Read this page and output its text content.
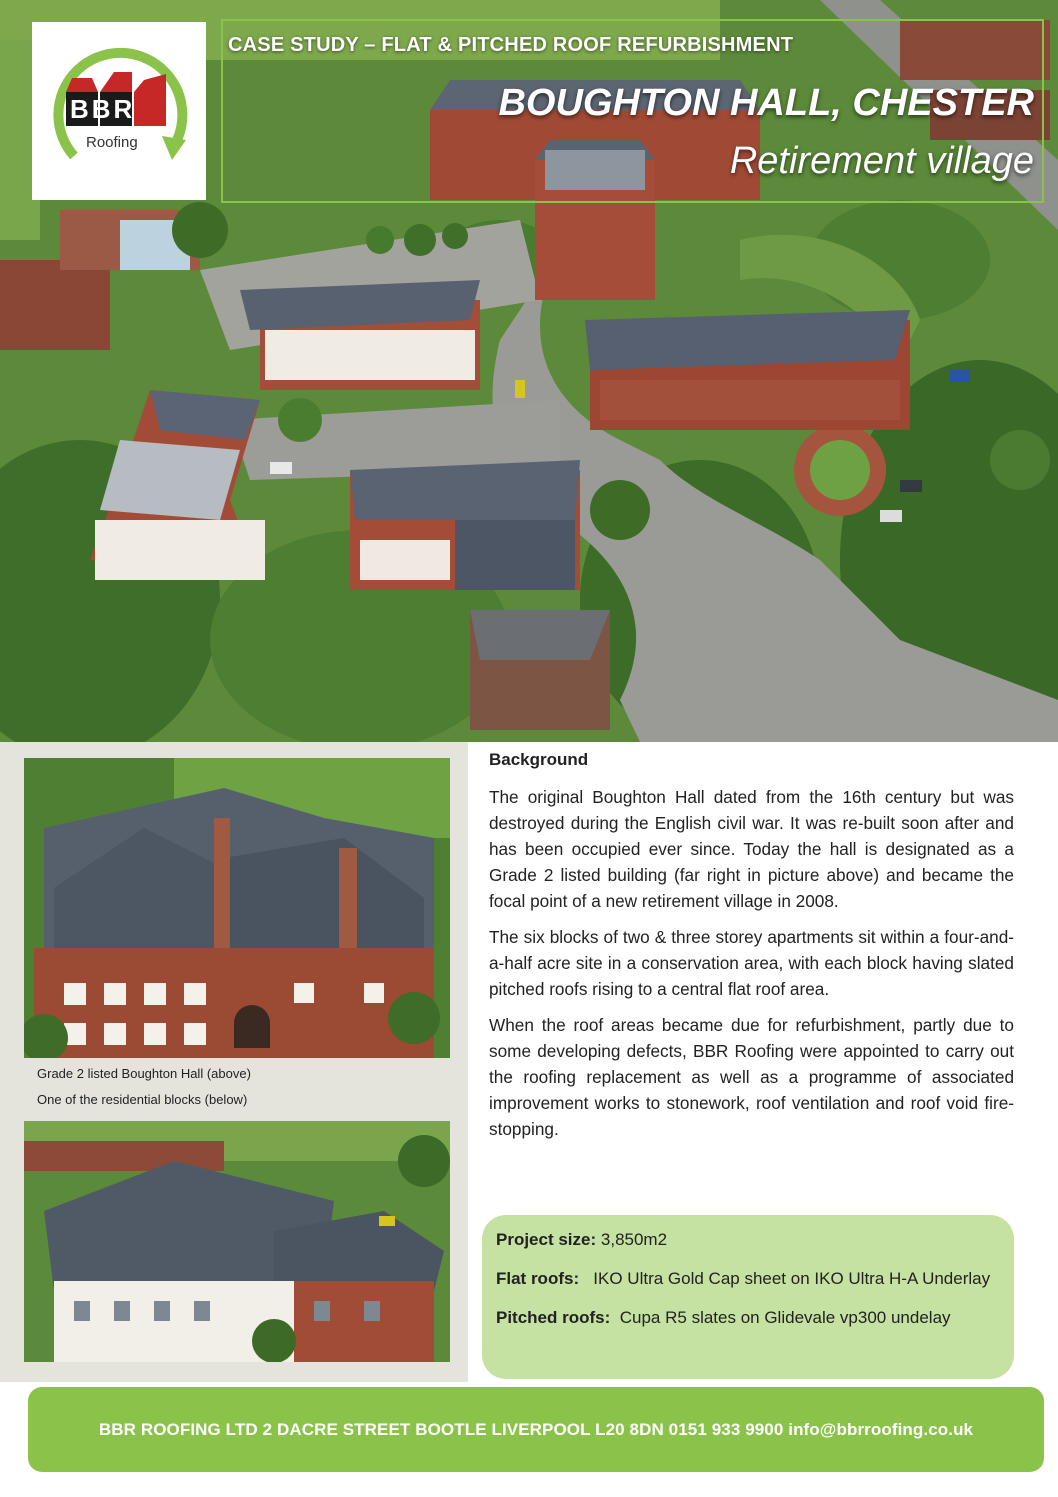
CASE STUDY – FLAT & PITCHED ROOF REFURBISHMENT
BOUGHTON HALL, CHESTER
Retirement village
BBR
Roofing
Grade 2 listed Boughton Hall (above)
One of the residential blocks (below)

Background

The original Boughton Hall dated from the 16th century but was destroyed during the English civil war. It was re-built soon after and has been occupied ever since. Today the hall is designated as a Grade 2 listed building (far right in picture above) and became the focal point of a new retirement village in 2008.

The six blocks of two & three storey apartments sit within a four-and-a-half acre site in a conservation area, with each block having slated pitched roofs rising to a central flat roof area.

When the roof areas became due for refurbishment, partly due to some developing defects, BBR Roofing were appointed to carry out the roofing replacement as well as a programme of associated improvement works to stonework, roof ventilation and roof void fire-stopping.

Project size: 3,850m2

Flat roofs: IKO Ultra Gold Cap sheet on IKO Ultra H-A Underlay

Pitched roofs: Cupa R5 slates on Glidevale vp300 undelay

BBR ROOFING LTD 2 DACRE STREET BOOTLE LIVERPOOL L20 8DN 0151 933 9900 info@bbrroofing.co.uk
